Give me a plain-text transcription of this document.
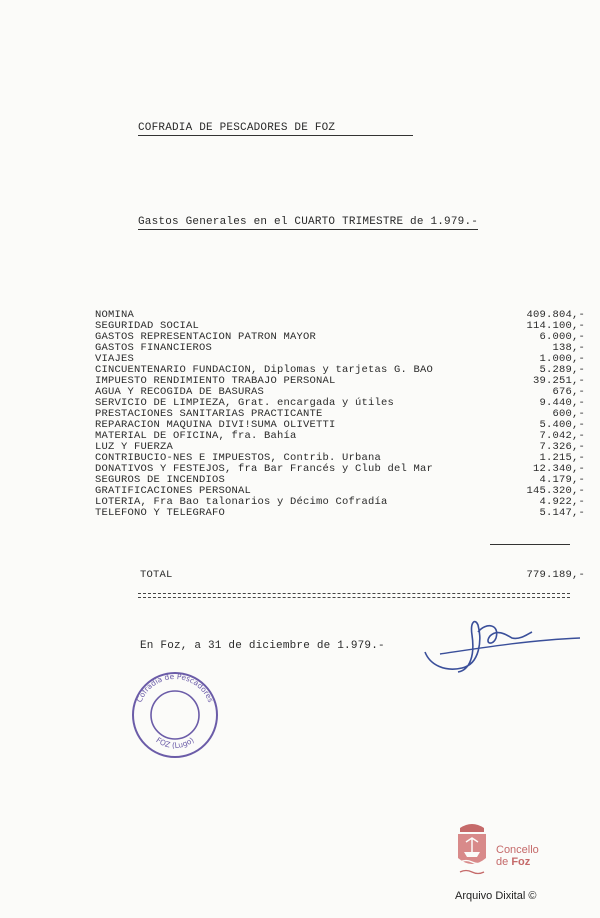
COFRADIA DE PESCADORES DE FOZ
Gastos Generales en el CUARTO TRIMESTRE de 1.979.-
NOMINA	409.804,-
SEGURIDAD SOCIAL	114.100,-
GASTOS REPRESENTACION PATRON MAYOR	6.000,-
GASTOS FINANCIEROS	138,-
VIAJES	1.000,-
CINCUENTENARIO FUNDACION, Diplomas y tarjetas G. BAO	5.289,-
IMPUESTO RENDIMIENTO TRABAJO PERSONAL	39.251,-
AGUA Y RECOGIDA DE BASURAS	676,-
SERVICIO DE LIMPIEZA, Grat. encargada y útiles	9.440,-
PRESTACIONES SANITARIAS PRACTICANTE	600,-
REPARACION MAQUINA DIVI!SUMA OLIVETTI	5.400,-
MATERIAL DE OFICINA, fra. Bahía	7.042,-
LUZ Y FUERZA	7.326,-
CONTRIBUCIO-NES E IMPUESTOS, Contrib. Urbana	1.215,-
DONATIVOS Y FESTEJOS, fra Bar Francés y Club del Mar	12.340,-
SEGUROS DE INCENDIOS	4.179,-
GRATIFICACIONES PERSONAL	145.320,-
LOTERIA, Fra Bao talonarios y Décimo Cofradía	4.922,-
TELEFONO Y TELEGRAFO	5.147,-
TOTAL	779.189,-
En Foz, a 31 de diciembre de 1.979.-
Cofradía de Pescadores
FOZ (Lugo)
Concello
de Foz
Arquivo Dixital ©
